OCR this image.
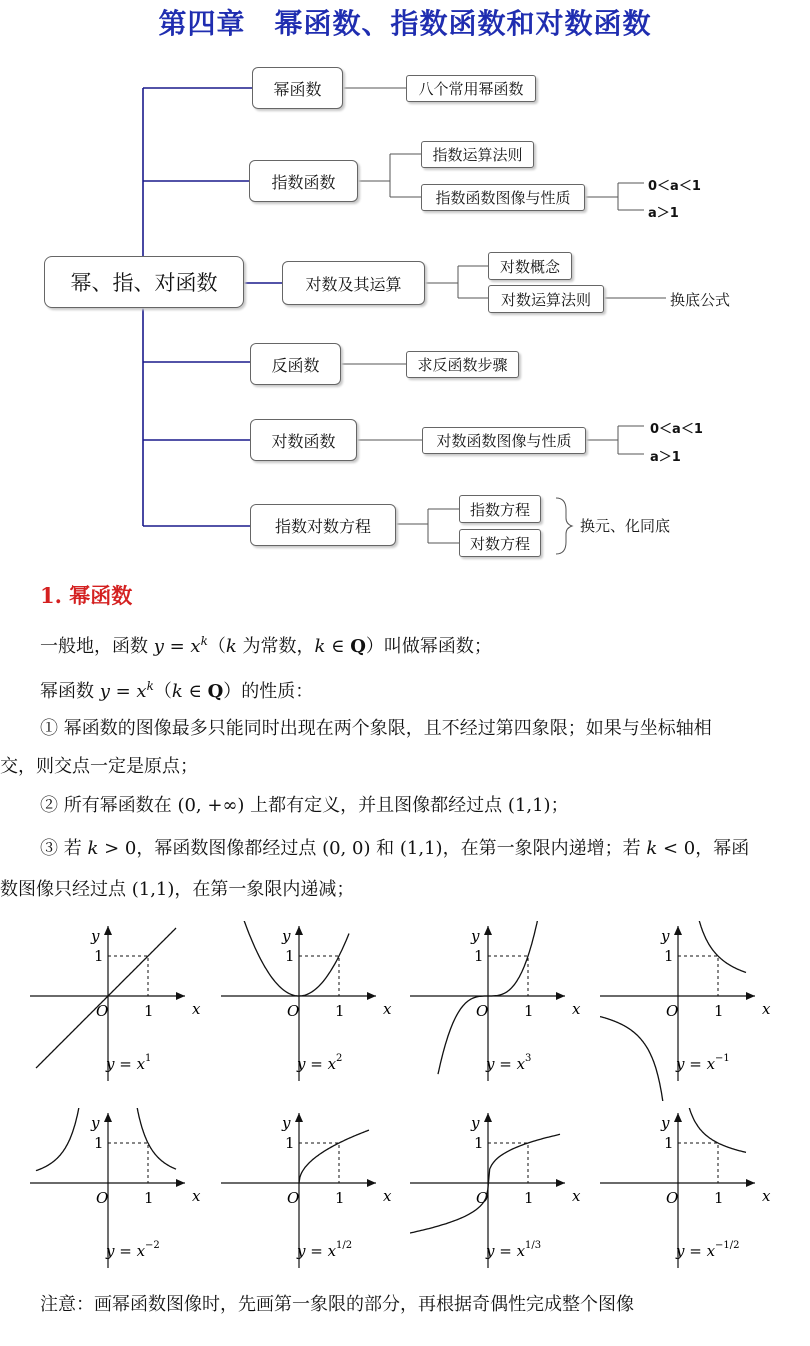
第四章　幂函数、指数函数和对数函数
幂、指、对函数
幂函数	八个常用幂函数
指数函数
指数运算法则
指数函数图像与性质
0＜a＜1
a＞1
对数及其运算
对数概念
对数运算法则	换底公式
反函数	求反函数步骤
对数函数	对数函数图像与性质
0＜a＜1
a＞1
指数对数方程
指数方程
对数方程
换元、化同底
1. 幂函数
一般地，函数 $y = x^k(k$ 为常数，k ∈ Q）叫做幂函数；
幂函数 $y = x^k(k$ ∈ Q）的性质：
① 幂函数的图像最多只能同时出现在两个象限，且不经过第四象限；如果与坐标轴相
交，则交点一定是原点；
② 所有幂函数在 (0, +∞) 上都有定义，并且图像都经过点 (1,1)；
③ 若 k > 0，幂函数图像都经过点 (0, 0) 和 (1,1)，在第一象限内递增；若 k < 0，幂函
数图像只经过点 (1,1)，在第一象限内递减；
y
x
O 1
1
$y = x^1$
y
x
O 1
1
$y = x^2$
y
x
O 1
1
$y = x^3$
y
x
O 1
1
$y = x^{-1}$
y
x
O 1
1
$y = x^{-2}$
y
x
O 1
1
$y = x^{1/2}$
y
x
O 1
1
$y = x^{1/3}$
y
x
O 1
1
$y = x^{-1/2}$
注意：画幂函数图像时，先画第一象限的部分，再根据奇偶性完成整个图像
